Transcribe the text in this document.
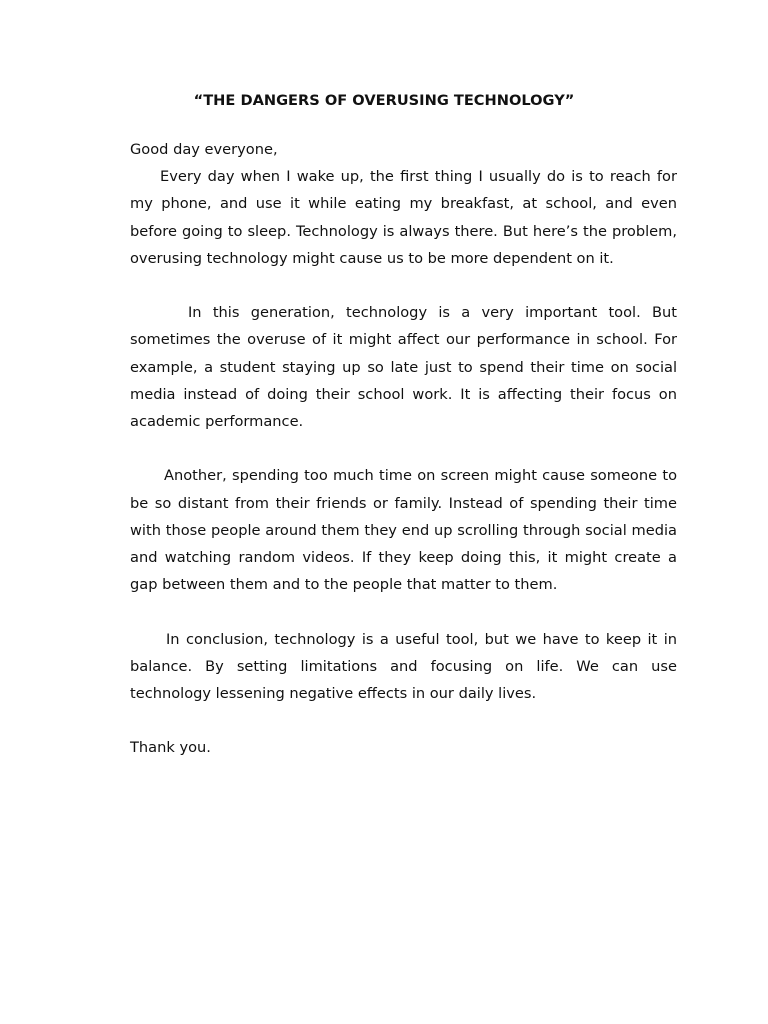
“THE DANGERS OF OVERUSING TECHNOLOGY”

Good day everyone,

Every day when I wake up, the first thing I usually do is to reach for my phone, and use it while eating my breakfast, at school, and even before going to sleep. Technology is always there. But here’s the problem, overusing technology might cause us to be more dependent on it.

In this generation, technology is a very important tool. But sometimes the overuse of it might affect our performance in school. For example, a student staying up so late just to spend their time on social media instead of doing their school work. It is affecting their focus on academic performance.

Another, spending too much time on screen might cause someone to be so distant from their friends or family. Instead of spending their time with those people around them they end up scrolling through social media and watching random videos. If they keep doing this, it might create a gap between them and to the people that matter to them.

In conclusion, technology is a useful tool, but we have to keep it in balance. By setting limitations and focusing on life. We can use technology lessening negative effects in our daily lives.

Thank you.
